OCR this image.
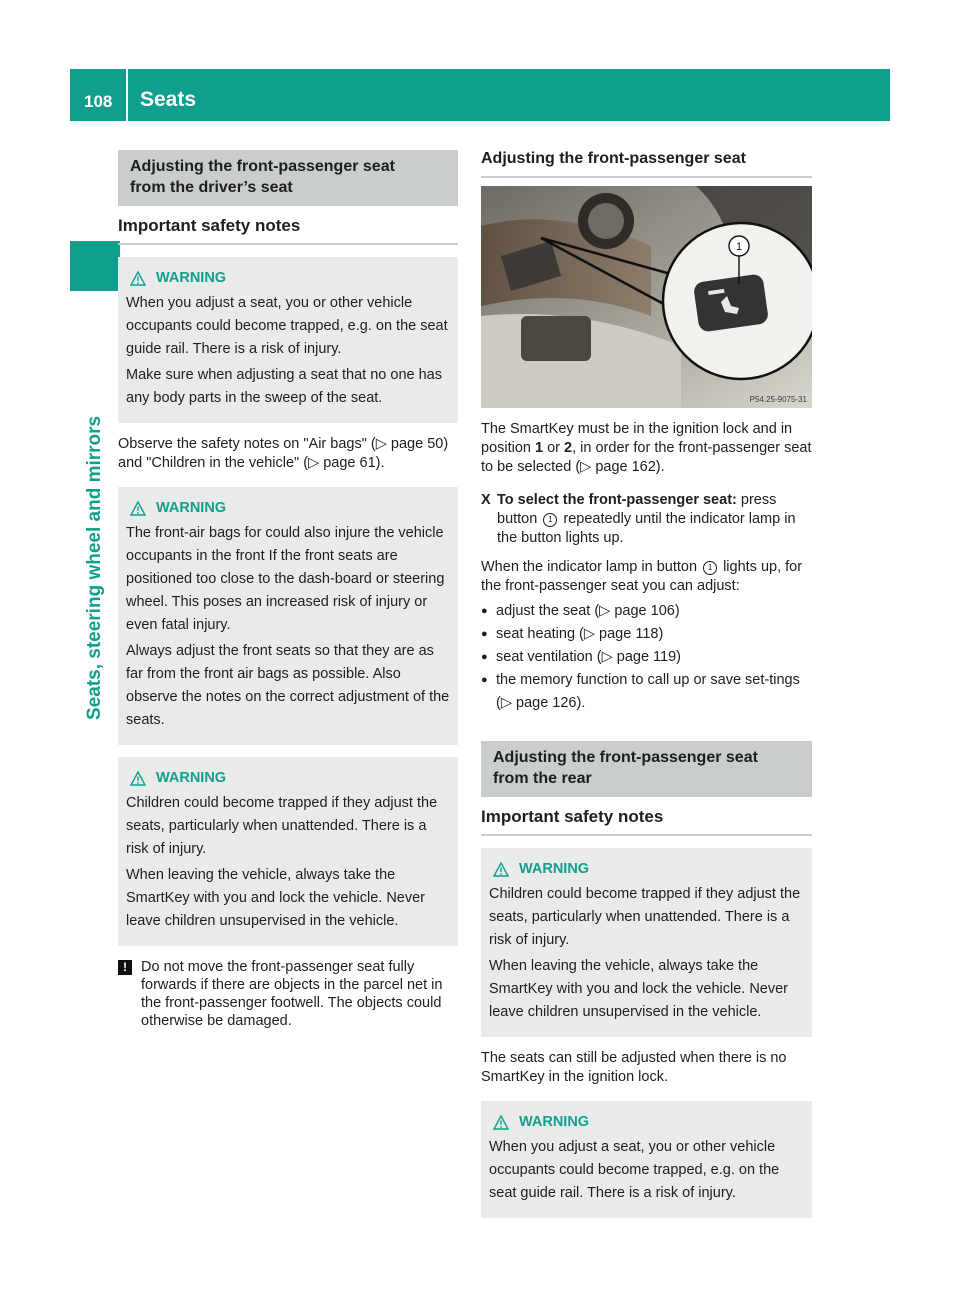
108 Seats
Seats, steering wheel and mirrors
Adjusting the front-passenger seat
from the driver’s seat
Important safety notes
WARNING

When you adjust a seat, you or other vehicle occupants could become trapped, e.g. on the seat guide rail. There is a risk of injury.

Make sure when adjusting a seat that no one has any body parts in the sweep of the seat.

Observe the safety notes on "Air bags" (▷ page 50) and "Children in the vehicle" (▷ page 61).

WARNING

The front-air bags for could also injure the vehicle occupants in the front If the front seats are positioned too close to the dash-board or steering wheel. This poses an increased risk of injury or even fatal injury.

Always adjust the front seats so that they are as far from the front air bags as possible. Also observe the notes on the correct adjustment of the seats.

WARNING

Children could become trapped if they adjust the seats, particularly when unattended. There is a risk of injury.

When leaving the vehicle, always take the SmartKey with you and lock the vehicle. Never leave children unsupervised in the vehicle.

! Do not move the front-passenger seat fully forwards if there are objects in the parcel net in the front-passenger footwell. The objects could otherwise be damaged.
Adjusting the front-passenger seat
1
P54.25-9075-31

The SmartKey must be in the ignition lock and in position 1 or 2, in order for the front-passenger seat to be selected (▷ page 162).

X To select the front-passenger seat: press button 1 repeatedly until the indicator lamp in the button lights up.

When the indicator lamp in button 1 lights up, for the front-passenger seat you can adjust:

● adjust the seat (▷ page 106)
● seat heating (▷ page 118)
● seat ventilation (▷ page 119)
● the memory function to call up or save set-tings (▷ page 126).
Adjusting the front-passenger seat
from the rear
Important safety notes
WARNING

Children could become trapped if they adjust the seats, particularly when unattended. There is a risk of injury.

When leaving the vehicle, always take the SmartKey with you and lock the vehicle. Never leave children unsupervised in the vehicle.

The seats can still be adjusted when there is no SmartKey in the ignition lock.

WARNING

When you adjust a seat, you or other vehicle occupants could become trapped, e.g. on the seat guide rail. There is a risk of injury.
